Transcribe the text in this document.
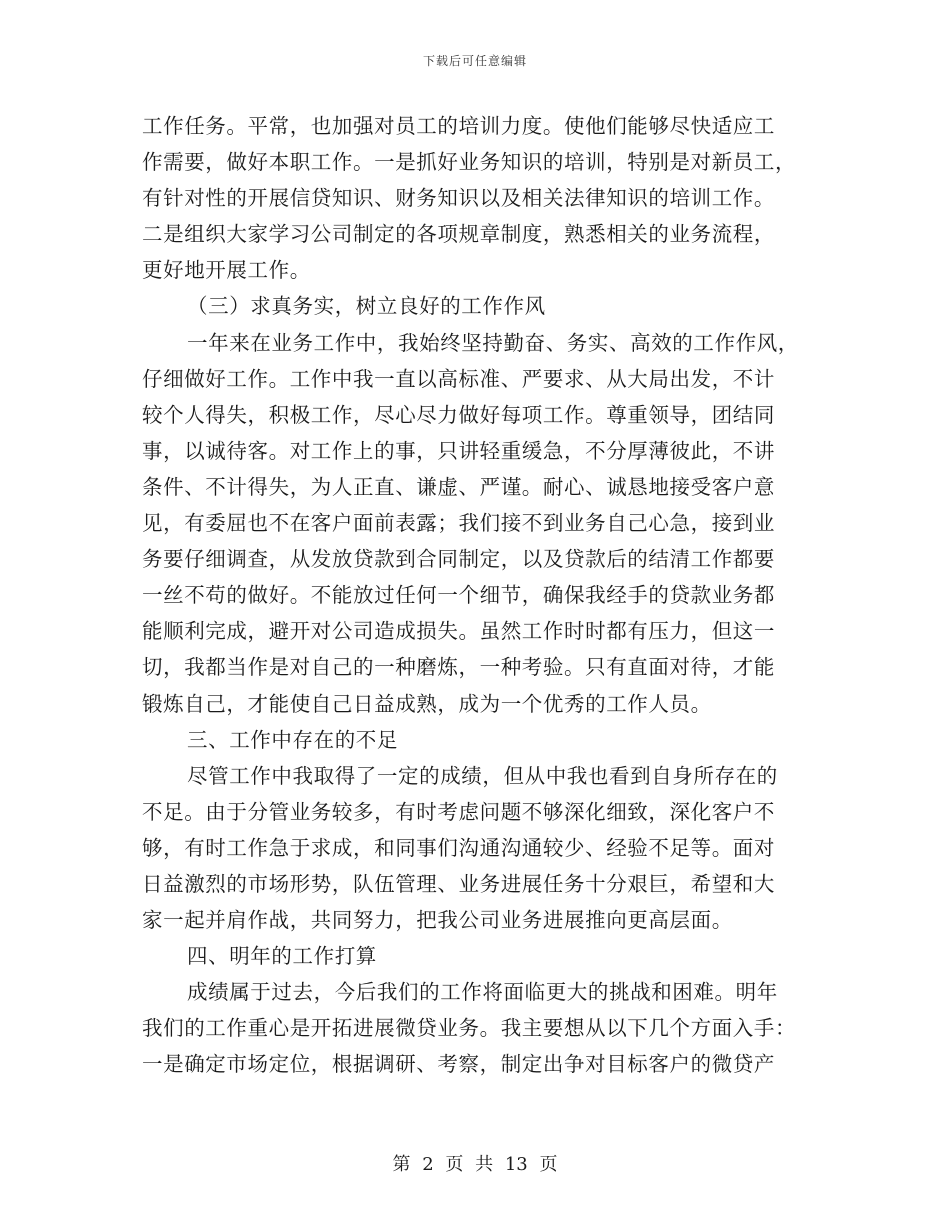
下载后可任意编辑
工作任务。平常，也加强对员工的培训力度。使他们能够尽快适应工
作需要，做好本职工作。一是抓好业务知识的培训，特别是对新员工，
有针对性的开展信贷知识、财务知识以及相关法律知识的培训工作。
二是组织大家学习公司制定的各项规章制度，熟悉相关的业务流程，
更好地开展工作。
（三）求真务实，树立良好的工作作风
一年来在业务工作中，我始终坚持勤奋、务实、高效的工作作风，
仔细做好工作。工作中我一直以高标准、严要求、从大局出发，不计
较个人得失，积极工作，尽心尽力做好每项工作。尊重领导，团结同
事，以诚待客。对工作上的事，只讲轻重缓急，不分厚薄彼此，不讲
条件、不计得失，为人正直、谦虚、严谨。耐心、诚恳地接受客户意
见，有委屈也不在客户面前表露；我们接不到业务自己心急，接到业
务要仔细调查，从发放贷款到合同制定，以及贷款后的结清工作都要
一丝不苟的做好。不能放过任何一个细节，确保我经手的贷款业务都
能顺利完成，避开对公司造成损失。虽然工作时时都有压力，但这一
切，我都当作是对自己的一种磨炼，一种考验。只有直面对待，才能
锻炼自己，才能使自己日益成熟，成为一个优秀的工作人员。
三、工作中存在的不足
尽管工作中我取得了一定的成绩，但从中我也看到自身所存在的
不足。由于分管业务较多，有时考虑问题不够深化细致，深化客户不
够，有时工作急于求成，和同事们沟通沟通较少、经验不足等。面对
日益激烈的市场形势，队伍管理、业务进展任务十分艰巨，希望和大
家一起并肩作战，共同努力，把我公司业务进展推向更高层面。
四、明年的工作打算
成绩属于过去，今后我们的工作将面临更大的挑战和困难。明年
我们的工作重心是开拓进展微贷业务。我主要想从以下几个方面入手：
一是确定市场定位，根据调研、考察，制定出争对目标客户的微贷产
第 2 页 共 13 页
